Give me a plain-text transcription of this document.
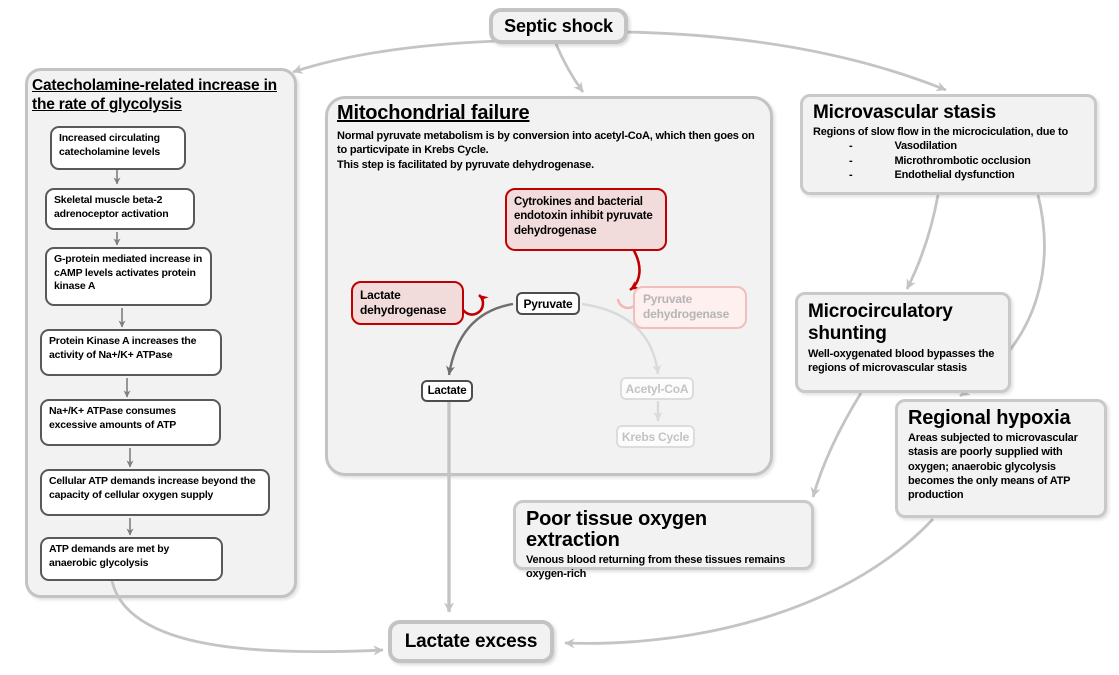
Septic shock
Catecholamine-related increase in the rate of glycolysis
Increased circulating catecholamine levels
Skeletal muscle beta-2 adrenoceptor activation
G-protein mediated increase in cAMP levels activates protein kinase A
Protein Kinase A increases the activity of Na+/K+ ATPase
Na+/K+ ATPase consumes excessive amounts of ATP
Cellular ATP demands increase beyond the capacity of cellular oxygen supply
ATP demands are met by anaerobic glycolysis
Mitochondrial failure
Normal pyruvate metabolism is by conversion into acetyl-CoA, which then goes on to particvipate in Krebs Cycle.
This step is facilitated by pyruvate dehydrogenase.
Cytrokines and bacterial endotoxin inhibit pyruvate dehydrogenase
Lactate dehydrogenase
Pyruvate dehydrogenase
Pyruvate
Lactate	Acetyl-CoA
Krebs Cycle
Microvascular stasis
Regions of slow flow in the microciculation, due to
-
Vasodilation
-
Microthrombotic occlusion
-
Endothelial dysfunction
Microcirculatory shunting
Well-oxygenated blood bypasses the regions of microvascular stasis
Regional hypoxia
Areas subjected to microvascular stasis are poorly supplied with oxygen; anaerobic glycolysis becomes the only means of ATP production
Poor tissue oxygen extraction
Venous blood returning from these tissues remains oxygen-rich
Lactate excess
